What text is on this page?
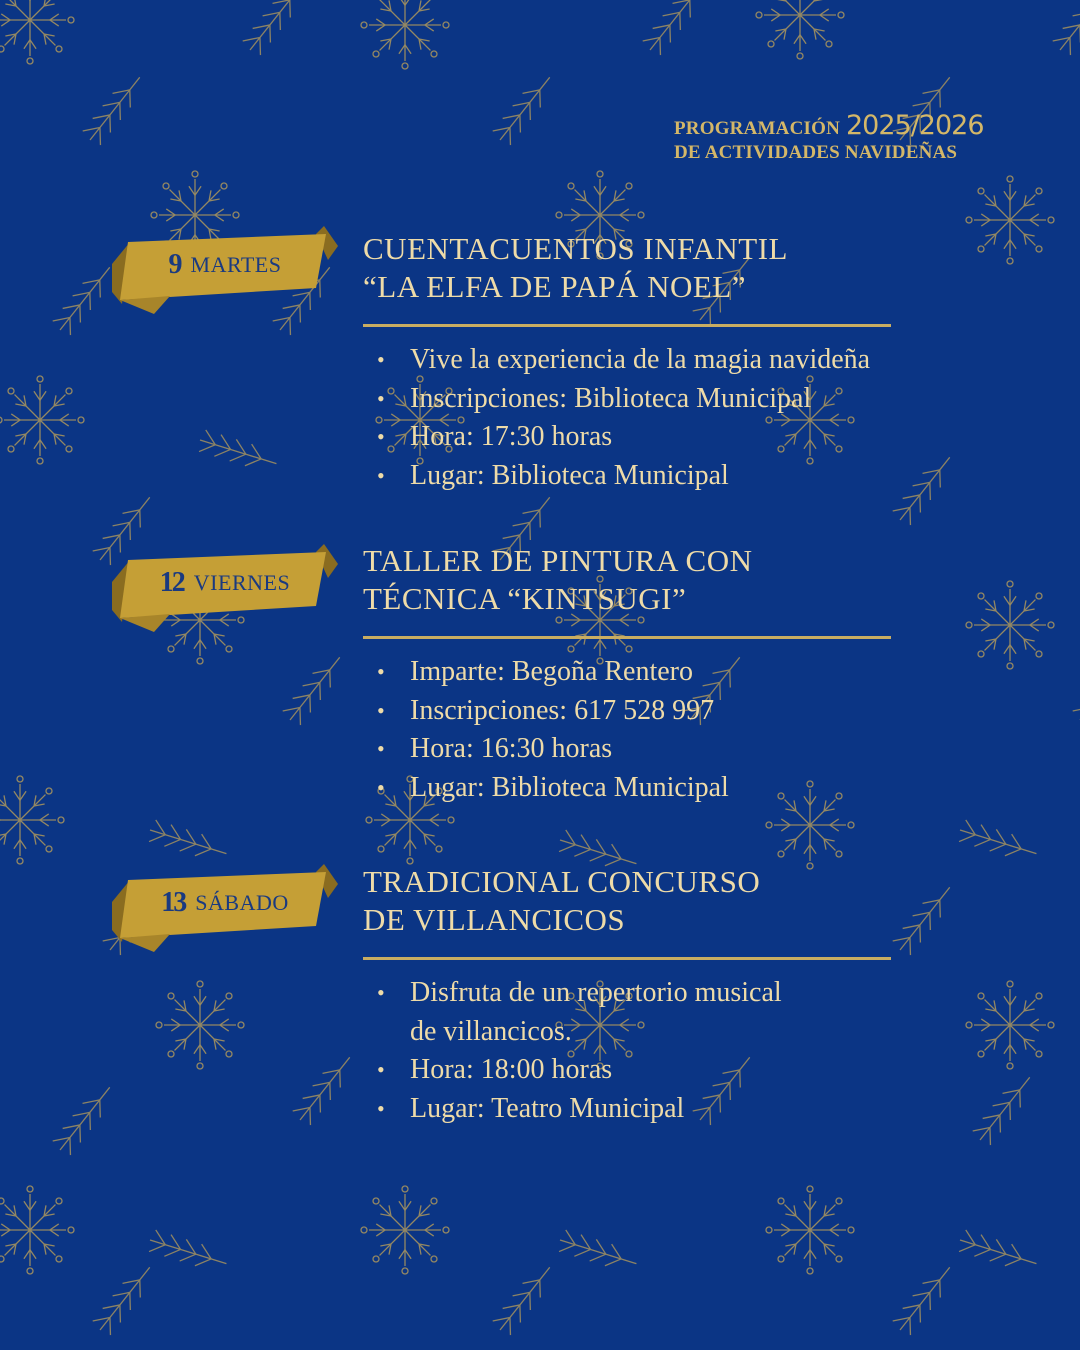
PROGRAMACIÓN 2025/2026
DE ACTIVIDADES NAVIDEÑAS
9 MARTES	CUENTACUENTOS INFANTIL
“LA ELFA DE PAPÁ NOEL”
• Vive la experiencia de la magia navideña
• Inscripciones: Biblioteca Municipal
• Hora: 17:30 horas
• Lugar: Biblioteca Municipal
12 VIERNES
TALLER DE PINTURA CON
TÉCNICA “KINTSUGI”
• Imparte: Begoña Rentero
• Inscripciones: 617 528 997
• Hora: 16:30 horas
• Lugar: Biblioteca Municipal
13 SÁBADO
TRADICIONAL CONCURSO
DE VILLANCICOS
• Disfruta de un repertorio musical
de villancicos.
• Hora: 18:00 horas
• Lugar: Teatro Municipal
